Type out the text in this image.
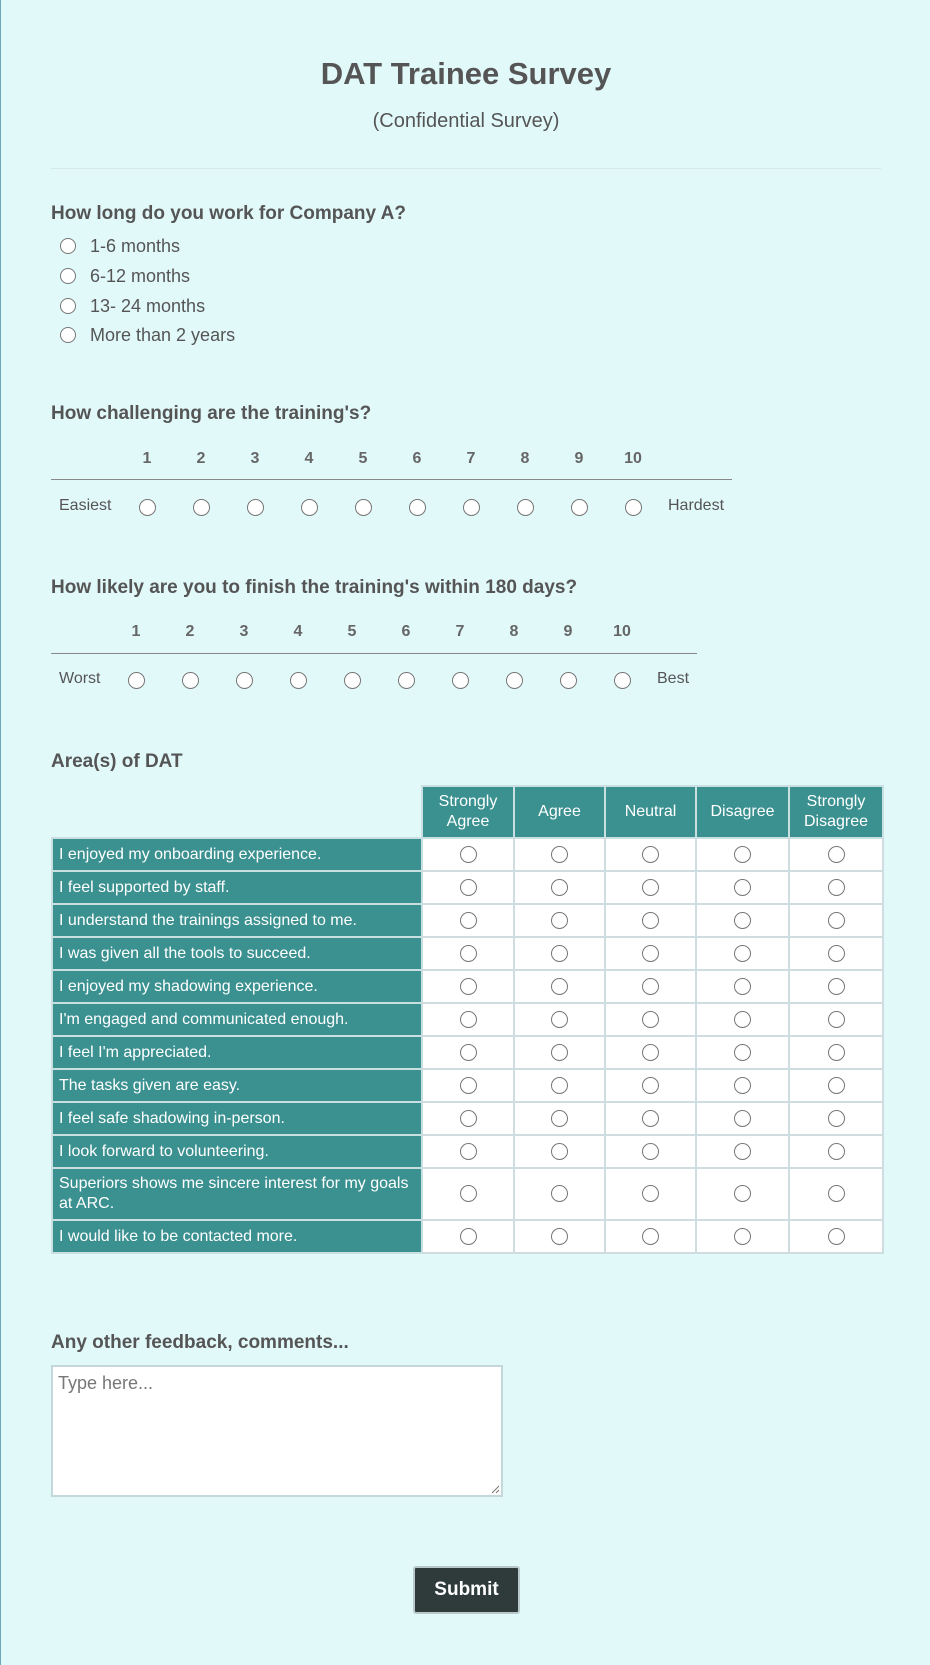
DAT Trainee Survey
(Confidential Survey)
How long do you work for Company A?
1-6 months
6-12 months
13- 24 months
More than 2 years
How challenging are the training's?
Easiest	Hardest
1	2	3	4	5	6	7	8	9	10
How likely are you to finish the training's within 180 days?
Worst	Best
1	2	3	4	5	6	7	8	9	10
Area(s) of DAT
	Strongly Agree	Agree	Neutral	Disagree	Strongly Disagree
I enjoyed my onboarding experience.					
I feel supported by staff.					
I understand the trainings assigned to me.					
I was given all the tools to succeed.					
I enjoyed my shadowing experience.					
I'm engaged and communicated enough.					
I feel I'm appreciated.					
The tasks given are easy.					
I feel safe shadowing in-person.					
I look forward to volunteering.					
Superiors shows me sincere interest for my goals at ARC.					
I would like to be contacted more.					
Any other feedback, comments...
Type here...
Submit
